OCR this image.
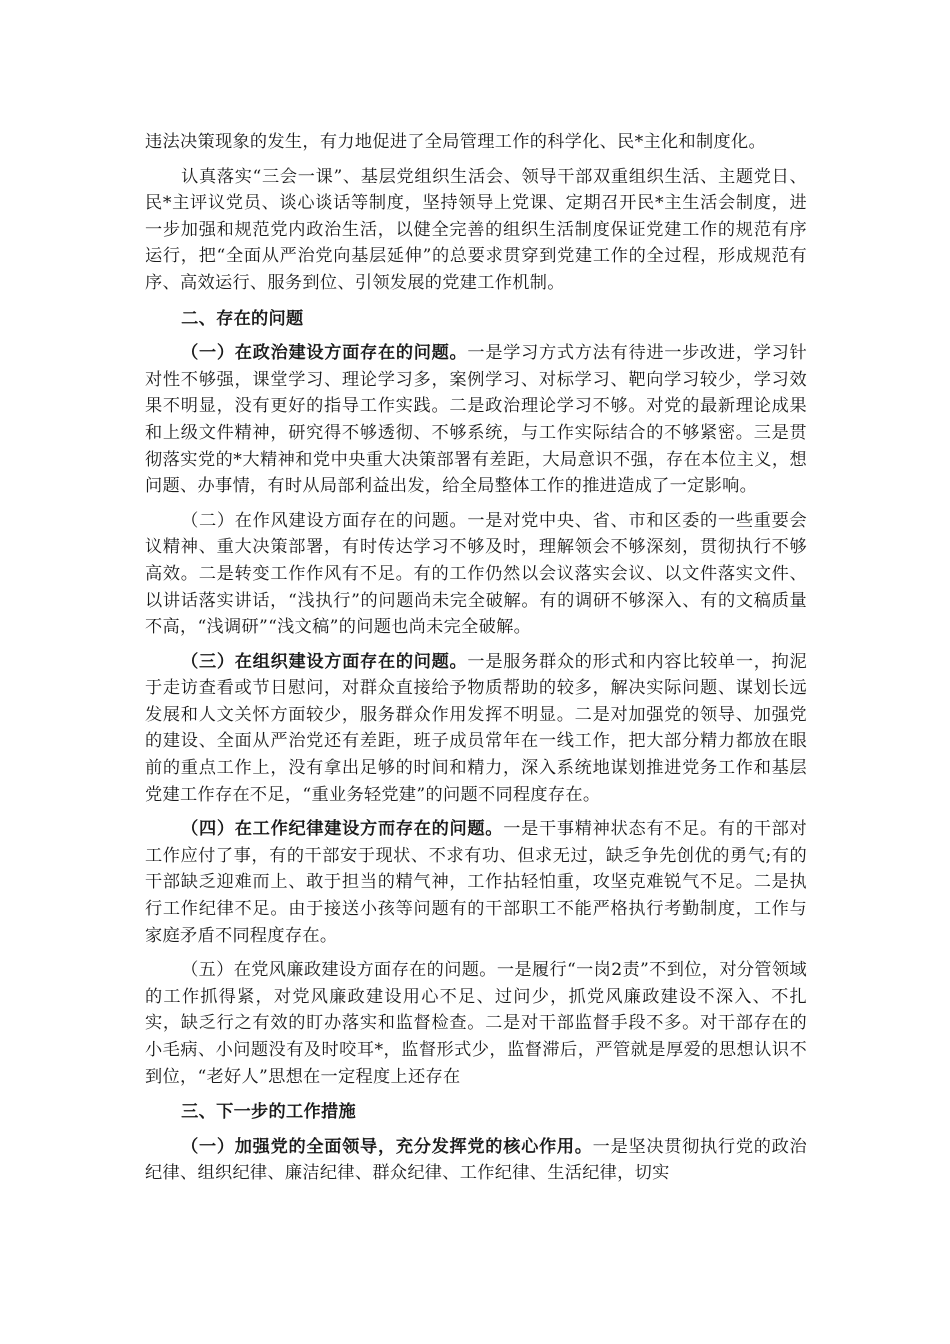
违法决策现象的发生，有力地促进了全局管理工作的科学化、民*主化和制度化。

认真落实“三会一课”、基层党组织生活会、领导干部双重组织生活、主题党日、民*主评议党员、谈心谈话等制度，坚持领导上党课、定期召开民*主生活会制度，进一步加强和规范党内政治生活，以健全完善的组织生活制度保证党建工作的规范有序运行，把“全面从严治党向基层延伸”的总要求贯穿到党建工作的全过程，形成规范有序、高效运行、服务到位、引领发展的党建工作机制。

二、存在的问题

（一）在政治建设方面存在的问题。一是学习方式方法有待进一步改进，学习针对性不够强，课堂学习、理论学习多，案例学习、对标学习、靶向学习较少，学习效果不明显，没有更好的指导工作实践。二是政治理论学习不够。对党的最新理论成果和上级文件精神，研究得不够透彻、不够系统，与工作实际结合的不够紧密。三是贯彻落实党的*大精神和党中央重大决策部署有差距，大局意识不强，存在本位主义，想问题、办事情，有时从局部利益出发，给全局整体工作的推进造成了一定影响。

（二）在作风建设方面存在的问题。一是对党中央、省、市和区委的一些重要会议精神、重大决策部署，有时传达学习不够及时，理解领会不够深刻，贯彻执行不够高效。二是转变工作作风有不足。有的工作仍然以会议落实会议、以文件落实文件、以讲话落实讲话，“浅执行”的问题尚未完全破解。有的调研不够深入、有的文稿质量不高，“浅调研”“浅文稿”的问题也尚未完全破解。

（三）在组织建设方面存在的问题。一是服务群众的形式和内容比较单一，拘泥于走访查看或节日慰问，对群众直接给予物质帮助的较多，解决实际问题、谋划长远发展和人文关怀方面较少，服务群众作用发挥不明显。二是对加强党的领导、加强党的建设、全面从严治党还有差距，班子成员常年在一线工作，把大部分精力都放在眼前的重点工作上，没有拿出足够的时间和精力，深入系统地谋划推进党务工作和基层党建工作存在不足，“重业务轻党建”的问题不同程度存在。

（四）在工作纪律建设方而存在的问题。一是干事精神状态有不足。有的干部对工作应付了事，有的干部安于现状、不求有功、但求无过，缺乏争先创优的勇气;有的干部缺乏迎难而上、敢于担当的精气神，工作拈轻怕重，攻坚克难锐气不足。二是执行工作纪律不足。由于接送小孩等问题有的干部职工不能严格执行考勤制度，工作与家庭矛盾不同程度存在。

（五）在党风廉政建设方面存在的问题。一是履行“一岗2责”不到位，对分管领域的工作抓得紧，对党风廉政建设用心不足、过问少，抓党风廉政建设不深入、不扎实，缺乏行之有效的盯办落实和监督检查。二是对干部监督手段不多。对干部存在的小毛病、小问题没有及时咬耳*，监督形式少，监督滞后，严管就是厚爱的思想认识不到位，“老好人”思想在一定程度上还存在

三、下一步的工作措施

（一）加强党的全面领导，充分发挥党的核心作用。一是坚决贯彻执行党的政治纪律、组织纪律、廉洁纪律、群众纪律、工作纪律、生活纪律，切实
